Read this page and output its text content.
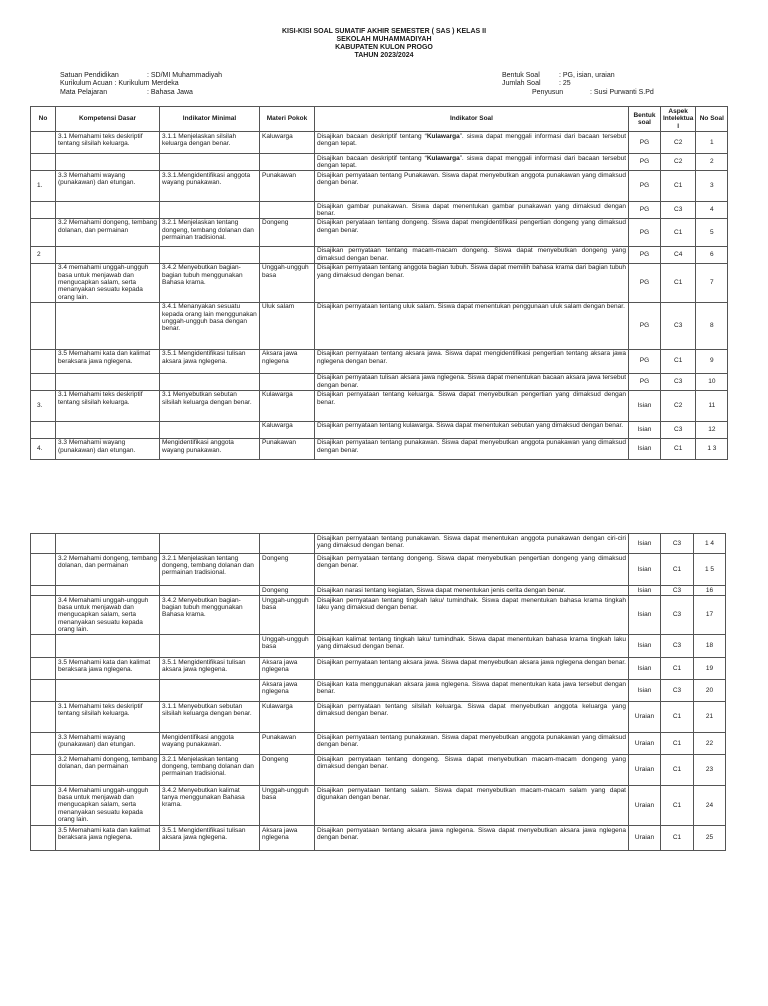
KISI-KISI SOAL SUMATIF AKHIR SEMESTER ( SAS ) KELAS II
SEKOLAH MUHAMMADIYAH
KABUPATEN KULON PROGO
TAHUN 2023/2024
Satuan Pendidikan	: SD/MI Muhammadiyah
Kurikulum Acuan : Kurikulum Merdeka
Mata Pelajaran	: Bahasa Jawa
Bentuk Soal	: PG, isian, uraian
Jumlah Soal	: 25
Penyusun	: Susi Purwanti S.Pd
No	Kompetensi Dasar	Indikator Minimal	Materi Pokok	Indikator Soal	Bentuk soal	Aspek Intelektua l	No Soal
	3.1 Memahami teks deskriptif tentang silsilah keluarga.	3.1.1 Menjelaskan silsilah keluarga dengan benar.	Kaluwarga	Disajikan bacaan deskriptif tentang “Kulawarga”. siswa dapat menggali informasi dari bacaan tersebut dengan tepat.	PG	C2	1
				Disajikan bacaan deskriptif tentang “Kulawarga”. siswa dapat menggali informasi dari bacaan tersebut dengan tepat.	PG	C2	2
1.	3.3 Memahami wayang (punakawan) dan etungan.	3.3.1.Mengidentifikasi anggota wayang punakawan.	Punakawan	Disajikan pernyataan tentang Punakawan. Siswa dapat menyebutkan anggota punakawan yang dimaksud dengan benar.	PG	C1	3
				Disajikan gambar punakawan. Siswa dapat menentukan gambar punakawan yang dimaksud dengan benar.	PG	C3	4
	3.2 Memahami dongeng, tembang dolanan, dan permainan	3.2.1 Menjelaskan tentang dongeng, tembang dolanan dan permainan tradisional.	Dongeng	Disajikan peryataan tentang dongeng. Siswa dapat mengidentifikasi pengertian dongeng yang dimaksud dengan benar.	PG	C1	5
2				Disajikan pernyataan tentang macam-macam dongeng. Siswa dapat menyebutkan dongeng yang dimaksud dengan benar.	PG	C4	6
	3.4 memahami unggah-ungguh basa untuk menjawab dan mengucapkan salam, serta menanyakan sesuatu kepada orang lain.	3.4.2 Menyebutkan bagian-bagian tubuh menggunakan Bahasa krama.	Unggah-ungguh basa	Disajikan pernyataan tentang anggota bagian tubuh. Siswa dapat memilih bahasa krama dari bagian tubuh yang dimaksud dengan benar.	PG	C1	7
		3.4.1 Menanyakan sesuatu kepada orang lain menggunakan unggah-ungguh basa dengan benar.	Uluk salam	Disajikan pernyataan tentang uluk salam. Siswa dapat menentukan penggunaan uluk salam dengan benar.	PG	C3	8
	3.5 Memahami kata dan kalimat beraksara jawa nglegena.	3.5.1 Mengidentifikasi tulisan aksara jawa nglegena.	Aksara jawa nglegena	Disajikan pernyataan tentang aksara jawa. Siswa dapat mengidentifikasi pengertian tentang aksara jawa nglegena dengan benar.	PG	C1	9
				Disajikan pernyataan tulisan aksara jawa nglegena. Siswa dapat menentukan bacaan aksara jawa tersebut dengan benar.	PG	C3	10
3.	3.1 Memahami teks deskriptif tentang silsilah keluarga.	3.1 Menyebutkan sebutan silsilah keluarga dengan benar.	Kulawarga	Disajikan pernyataan tentang keluarga. Siswa dapat menyebutkan pengertian yang dimaksud dengan benar.	Isian	C2	11
			Kaluwarga	Disajikan pernyataan tentang kulawarga. Siswa dapat menentukan sebutan yang dimaksud dengan benar.	Isian	C3	12
4.	3.3 Memahami wayang (punakawan) dan etungan.	Mengidentifikasi anggota wayang punakawan.	Punakawan	Disajikan pernyataan tentang punakawan. Siswa dapat menyebutkan anggota punakawan yang dimaksud dengan benar.	Isian	C1	1 3
				Disajikan pernyataan tentang punakawan. Siswa dapat menentukan anggota punakawan dengan ciri-ciri yang dimaksud dengan benar.	Isian	C3	1 4
	3.2 Memahami dongeng, tembang dolanan, dan permainan	3.2.1 Menjelaskan tentang dongeng, tembang dolanan dan permainan tradisional.	Dongeng	Disajikan pernyataan tentang dongeng. Siswa dapat menyebutkan pengertian dongeng yang dimaksud dengan benar.	Isian	C1	1 5
			Dongeng	Disajikan narasi tentang kegiatan, Siswa dapat menentukan jenis cerita dengan benar.	Isian	C3	16
	3.4 Memahami unggah-ungguh basa untuk menjawab dan mengucapkan salam, serta menanyakan sesuatu kepada orang lain.	3.4.2 Menyebutkan bagian-bagian tubuh menggunakan Bahasa krama.	Unggah-ungguh basa	Disajikan pernyataan tentang tingkah laku/ tumindhak. Siswa dapat menentukan bahasa krama tingkah laku yang dimaksud dengan benar.	Isian	C3	17
			Unggah-ungguh basa	Disajikan kalimat tentang tingkah laku/ tumindhak. Siswa dapat menentukan bahasa krama tingkah laku yang dimaksud dengan benar.	Isian	C3	18
	3.5 Memahami kata dan kalimat beraksara jawa nglegena.	3.5.1 Mengidentifikasi tulisan aksara jawa nglegena.	Aksara jawa nglegena	Disajikan pernyataan tentang aksara jawa. Siswa dapat menyebutkan aksara jawa nglegena dengan benar.	Isian	C1	19
			Aksara jawa nglegena	Disajikan kata menggunakan aksara jawa nglegena. Siswa dapat menentukan kata jawa tersebut dengan benar.	Isian	C3	20
	3.1 Memahami teks deskriptif tentang silsilah keluarga.	3.1.1 Menyebutkan sebutan silsilah keluarga dengan benar.	Kulawarga	Disajikan pernyataan tentang silsilah keluarga. Siswa dapat menyebutkan anggota keluarga yang dimaksud dengan benar.	Uraian	C1	21
	3.3 Memahami wayang (punakawan) dan etungan.	Mengidentifikasi anggota wayang punakawan.	Punakawan	Disajikan pernyataan tentang punakawan. Siswa dapat menyebutkan anggota punakawan yang dimaksud dengan benar.	Uraian	C1	22
	3.2 Memahami dongeng, tembang dolanan, dan permainan	3.2.1 Menjelaskan tentang dongeng, tembang dolanan dan permainan tradisional.	Dongeng	Disajikan pernyataan tentang dongeng. Siswa dapat menyebutkan macam-macam dongeng yang dimaksud dengan benar.	Uraian	C1	23
	3.4 Memahami unggah-ungguh basa untuk menjawab dan mengucapkan salam, serta menanyakan sesuatu kepada orang lain.	3.4.2 Menyebutkan kalimat tanya menggunakan Bahasa krama.	Unggah-ungguh basa	Disajikan pernyataan tentang salam. Siswa dapat menyebutkan macam-macam salam yang dapat digunakan dengan benar.	Uraian	C1	24
	3.5 Memahami kata dan kalimat beraksara jawa nglegena.	3.5.1 Mengidentifikasi tulisan aksara jawa nglegena.	Aksara jawa nglegena	Disajikan pernyataan tentang aksara jawa nglegena. Siswa dapat menyebutkan aksara jawa nglegena dengan benar.	Uraian	C1	25
